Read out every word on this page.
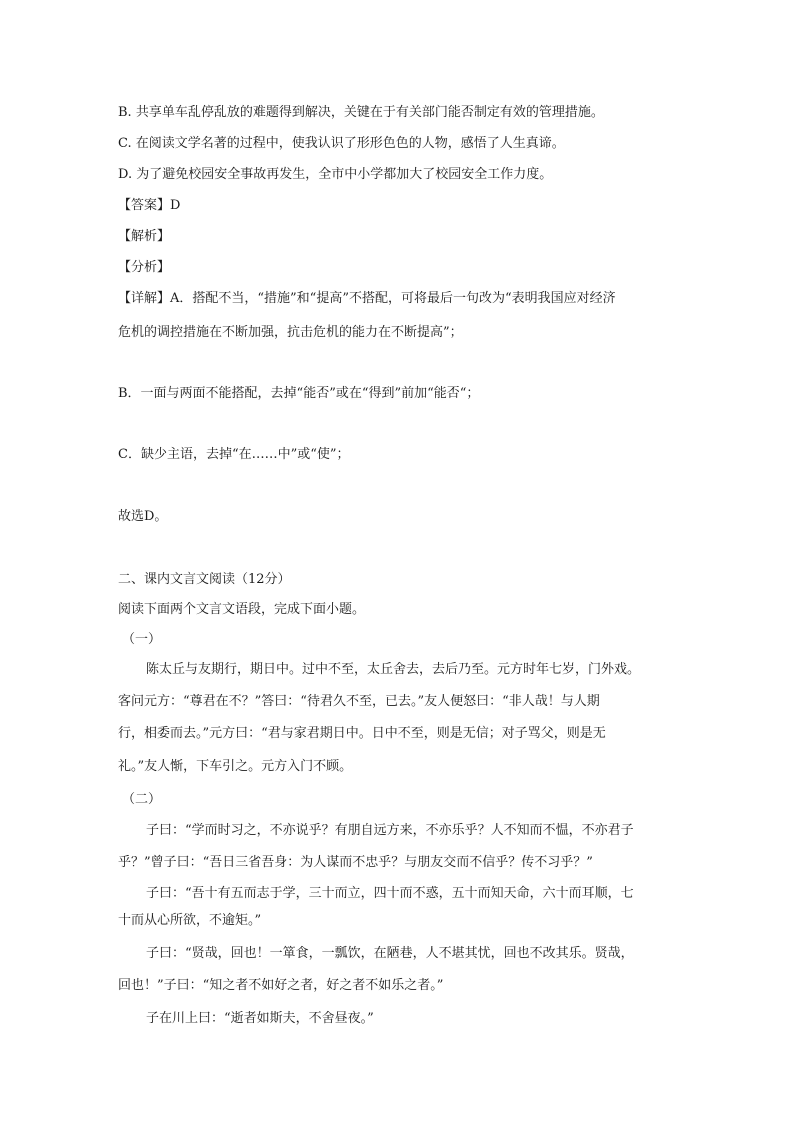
B. 共享单车乱停乱放的难题得到解决，关键在于有关部门能否制定有效的管理措施。
C. 在阅读文学名著的过程中，使我认识了形形色色的人物，感悟了人生真谛。
D. 为了避免校园安全事故再发生，全市中小学都加大了校园安全工作力度。
【答案】D
【解析】
【分析】
【详解】A．搭配不当，“措施”和“提高”不搭配，可将最后一句改为“表明我国应对经济
危机的调控措施在不断加强，抗击危机的能力在不断提高”；
B．一面与两面不能搭配，去掉“能否”或在“得到”前加“能否“；
C．缺少主语，去掉“在……中”或“使”；
故选D。
二、课内文言文阅读（12分）
阅读下面两个文言文语段，完成下面小题。
（一）
陈太丘与友期行，期日中。过中不至，太丘舍去，去后乃至。元方时年七岁，门外戏。
客问元方：“尊君在不？”答曰：“待君久不至，已去。”友人便怒曰：“非人哉！与人期
行，相委而去。”元方曰：“君与家君期日中。日中不至，则是无信；对子骂父，则是无
礼。”友人惭，下车引之。元方入门不顾。
（二）
子曰：“学而时习之，不亦说乎？有朋自远方来，不亦乐乎？人不知而不愠，不亦君子
乎？”曾子曰：“吾日三省吾身：为人谋而不忠乎？与朋友交而不信乎？传不习乎？”
子曰：“吾十有五而志于学，三十而立，四十而不惑，五十而知天命，六十而耳顺，七
十而从心所欲，不逾矩。”
子曰：“贤哉，回也！一箪食，一瓢饮，在陋巷，人不堪其忧，回也不改其乐。贤哉，
回也！”子曰：“知之者不如好之者，好之者不如乐之者。”
子在川上曰：“逝者如斯夫，不舍昼夜。”
